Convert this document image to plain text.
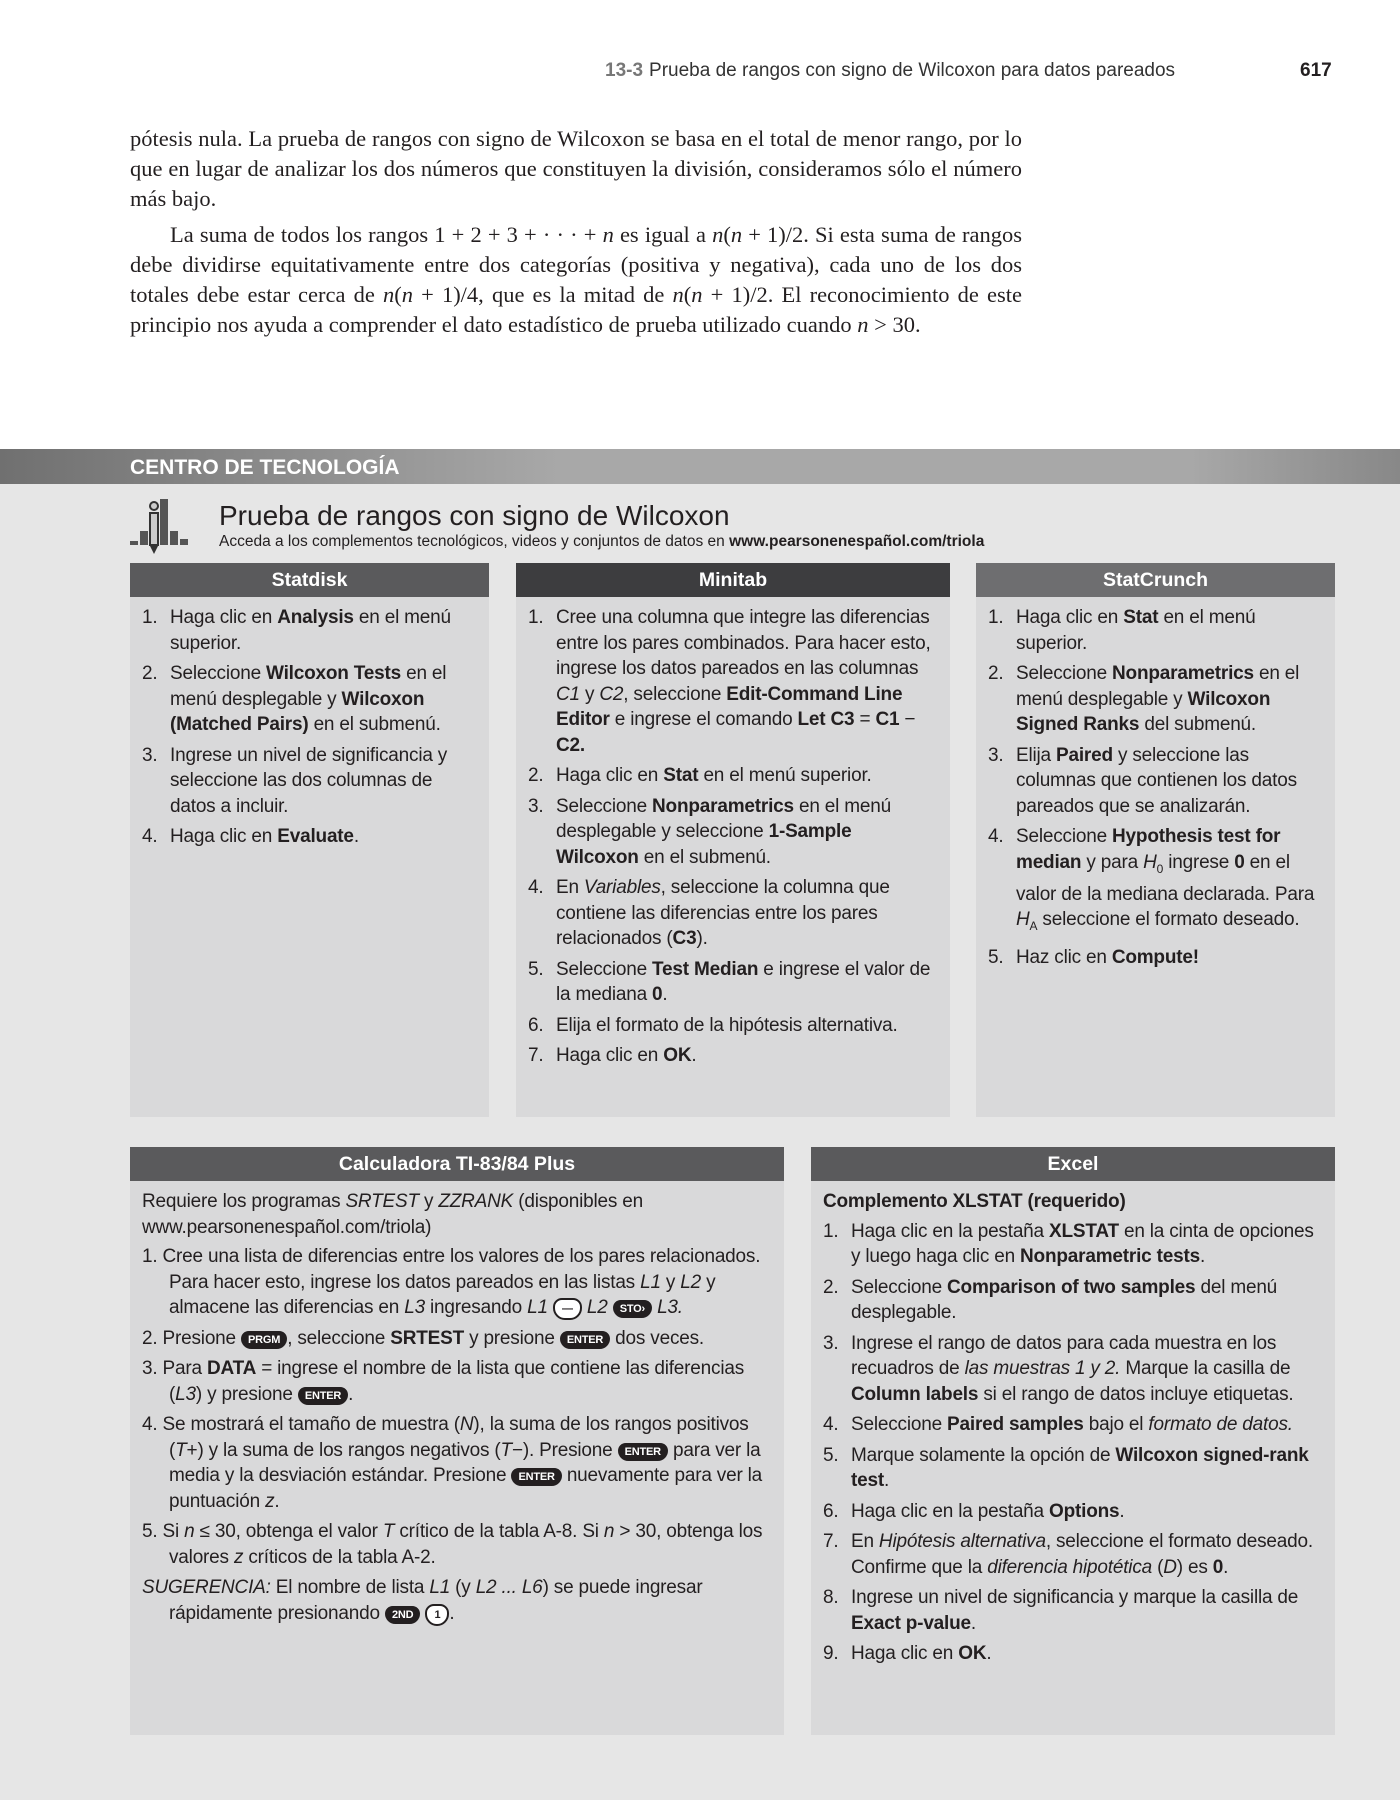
13-3 Prueba de rangos con signo de Wilcoxon para datos pareados	617

pótesis nula. La prueba de rangos con signo de Wilcoxon se basa en el total de menor rango, por lo que en lugar de analizar los dos números que constituyen la división, consideramos sólo el número más bajo.

La suma de todos los rangos 1 + 2 + 3 + · · · + n es igual a n(n + 1)/2. Si esta suma de rangos debe dividirse equitativamente entre dos categorías (positiva y negativa), cada uno de los dos totales debe estar cerca de n(n + 1)/4, que es la mitad de n(n + 1)/2. El reconocimiento de este principio nos ayuda a comprender el dato estadístico de prueba utilizado cuando n > 30.

CENTRO DE TECNOLOGÍA
Prueba de rangos con signo de Wilcoxon
Acceda a los complementos tecnológicos, videos y conjuntos de datos en www.pearsonenespañol.com/triola
Statdisk
1. Haga clic en Analysis en el menú superior.
2. Seleccione Wilcoxon Tests en el menú desplegable y Wilcoxon (Matched Pairs) en el submenú.
3. Ingrese un nivel de significancia y seleccione las dos columnas de datos a incluir.
4. Haga clic en Evaluate.
Minitab
1. Cree una columna que integre las diferencias entre los pares combinados. Para hacer esto, ingrese los datos pareados en las columnas C1 y C2, seleccione Edit-Command Line Editor e ingrese el comando Let C3 = C1 − C2.
2. Haga clic en Stat en el menú superior.
3. Seleccione Nonparametrics en el menú desplegable y seleccione 1-Sample Wilcoxon en el submenú.
4. En Variables, seleccione la columna que contiene las diferencias entre los pares relacionados (C3).
5. Seleccione Test Median e ingrese el valor de la mediana 0.
6. Elija el formato de la hipótesis alternativa.
7. Haga clic en OK.
StatCrunch
1. Haga clic en Stat en el menú superior.
2. Seleccione Nonparametrics en el menú desplegable y Wilcoxon Signed Ranks del submenú.
3. Elija Paired y seleccione las columnas que contienen los datos pareados que se analizarán.
4. Seleccione Hypothesis test for median y para $H_0$ ingrese 0 en el valor de la mediana declarada. Para $H_A$ seleccione el formato deseado.
5. Haz clic en Compute!
Calculadora TI-83/84 Plus

Requiere los programas SRTEST y ZZRANK (disponibles en www.pearsonenespañol.com/triola)

1. Cree una lista de diferencias entre los valores de los pares relacionados. Para hacer esto, ingrese los datos pareados en las listas L1 y L2 y almacene las diferencias en L3 ingresando L1 — L2 STO› L3.
2. Presione PRGM , seleccione SRTEST y presione ENTER dos veces.
3. Para DATA = ingrese el nombre de la lista que contiene las diferencias (L3) y presione ENTER .
4. Se mostrará el tamaño de muestra (N), la suma de los rangos positivos (T+) y la suma de los rangos negativos (T−). Presione ENTER para ver la media y la desviación estándar. Presione ENTER nuevamente para ver la puntuación z.
5. Si n ≤ 30, obtenga el valor T crítico de la tabla A-8. Si n > 30, obtenga los valores z críticos de la tabla A-2.

SUGERENCIA: El nombre de lista L1 (y L2 ... L6) se puede ingresar rápidamente presionando 2ND 1 .

Excel

Complemento XLSTAT (requerido)

1. Haga clic en la pestaña XLSTAT en la cinta de opciones y luego haga clic en Nonparametric tests.
2. Seleccione Comparison of two samples del menú desplegable.
3. Ingrese el rango de datos para cada muestra en los recuadros de las muestras 1 y 2. Marque la casilla de Column labels si el rango de datos incluye etiquetas.
4. Seleccione Paired samples bajo el formato de datos.
5. Marque solamente la opción de Wilcoxon signed-rank test.
6. Haga clic en la pestaña Options.
7. En Hipótesis alternativa, seleccione el formato deseado. Confirme que la diferencia hipotética (D) es 0.
8. Ingrese un nivel de significancia y marque la casilla de Exact p-value.
9. Haga clic en OK.
